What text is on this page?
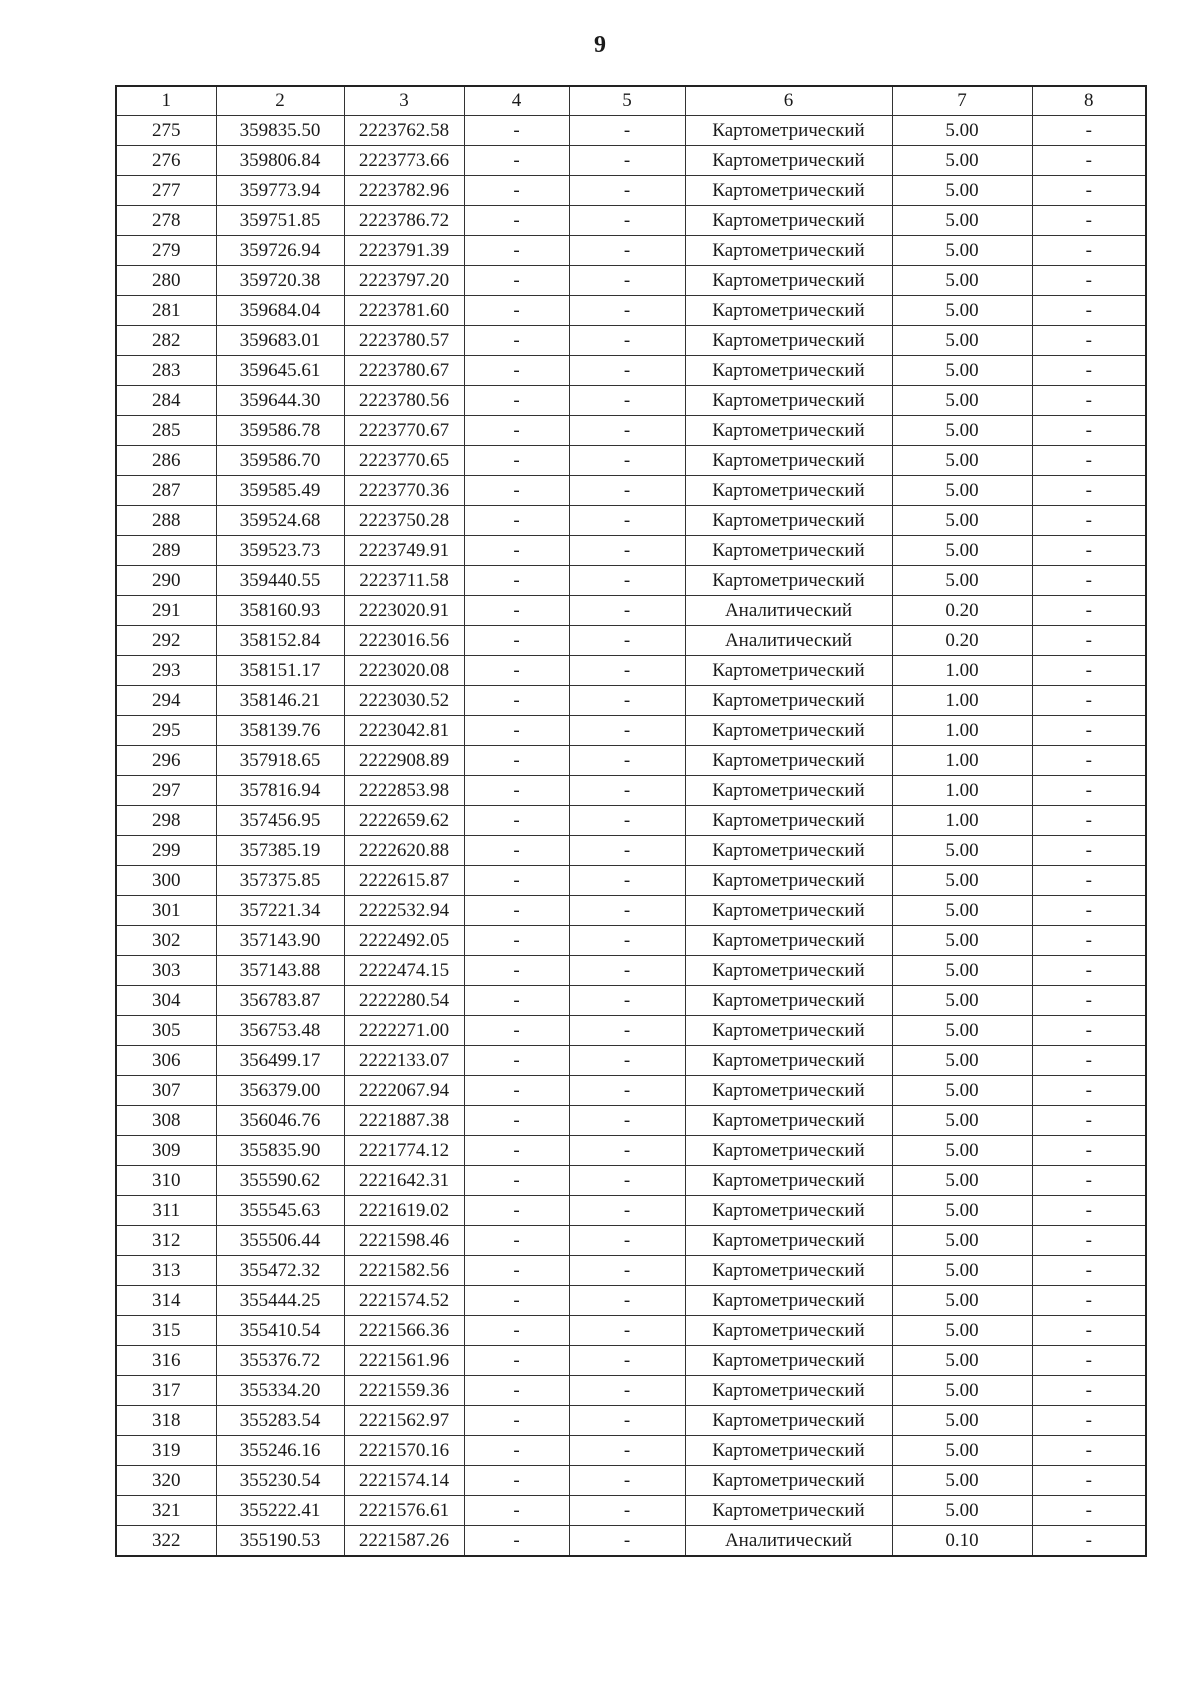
9
1	2	3	4	5	6	7	8
275	359835.50	2223762.58	-	-	Картометрический	5.00	-
276	359806.84	2223773.66	-	-	Картометрический	5.00	-
277	359773.94	2223782.96	-	-	Картометрический	5.00	-
278	359751.85	2223786.72	-	-	Картометрический	5.00	-
279	359726.94	2223791.39	-	-	Картометрический	5.00	-
280	359720.38	2223797.20	-	-	Картометрический	5.00	-
281	359684.04	2223781.60	-	-	Картометрический	5.00	-
282	359683.01	2223780.57	-	-	Картометрический	5.00	-
283	359645.61	2223780.67	-	-	Картометрический	5.00	-
284	359644.30	2223780.56	-	-	Картометрический	5.00	-
285	359586.78	2223770.67	-	-	Картометрический	5.00	-
286	359586.70	2223770.65	-	-	Картометрический	5.00	-
287	359585.49	2223770.36	-	-	Картометрический	5.00	-
288	359524.68	2223750.28	-	-	Картометрический	5.00	-
289	359523.73	2223749.91	-	-	Картометрический	5.00	-
290	359440.55	2223711.58	-	-	Картометрический	5.00	-
291	358160.93	2223020.91	-	-	Аналитический	0.20	-
292	358152.84	2223016.56	-	-	Аналитический	0.20	-
293	358151.17	2223020.08	-	-	Картометрический	1.00	-
294	358146.21	2223030.52	-	-	Картометрический	1.00	-
295	358139.76	2223042.81	-	-	Картометрический	1.00	-
296	357918.65	2222908.89	-	-	Картометрический	1.00	-
297	357816.94	2222853.98	-	-	Картометрический	1.00	-
298	357456.95	2222659.62	-	-	Картометрический	1.00	-
299	357385.19	2222620.88	-	-	Картометрический	5.00	-
300	357375.85	2222615.87	-	-	Картометрический	5.00	-
301	357221.34	2222532.94	-	-	Картометрический	5.00	-
302	357143.90	2222492.05	-	-	Картометрический	5.00	-
303	357143.88	2222474.15	-	-	Картометрический	5.00	-
304	356783.87	2222280.54	-	-	Картометрический	5.00	-
305	356753.48	2222271.00	-	-	Картометрический	5.00	-
306	356499.17	2222133.07	-	-	Картометрический	5.00	-
307	356379.00	2222067.94	-	-	Картометрический	5.00	-
308	356046.76	2221887.38	-	-	Картометрический	5.00	-
309	355835.90	2221774.12	-	-	Картометрический	5.00	-
310	355590.62	2221642.31	-	-	Картометрический	5.00	-
311	355545.63	2221619.02	-	-	Картометрический	5.00	-
312	355506.44	2221598.46	-	-	Картометрический	5.00	-
313	355472.32	2221582.56	-	-	Картометрический	5.00	-
314	355444.25	2221574.52	-	-	Картометрический	5.00	-
315	355410.54	2221566.36	-	-	Картометрический	5.00	-
316	355376.72	2221561.96	-	-	Картометрический	5.00	-
317	355334.20	2221559.36	-	-	Картометрический	5.00	-
318	355283.54	2221562.97	-	-	Картометрический	5.00	-
319	355246.16	2221570.16	-	-	Картометрический	5.00	-
320	355230.54	2221574.14	-	-	Картометрический	5.00	-
321	355222.41	2221576.61	-	-	Картометрический	5.00	-
322	355190.53	2221587.26	-	-	Аналитический	0.10	-
